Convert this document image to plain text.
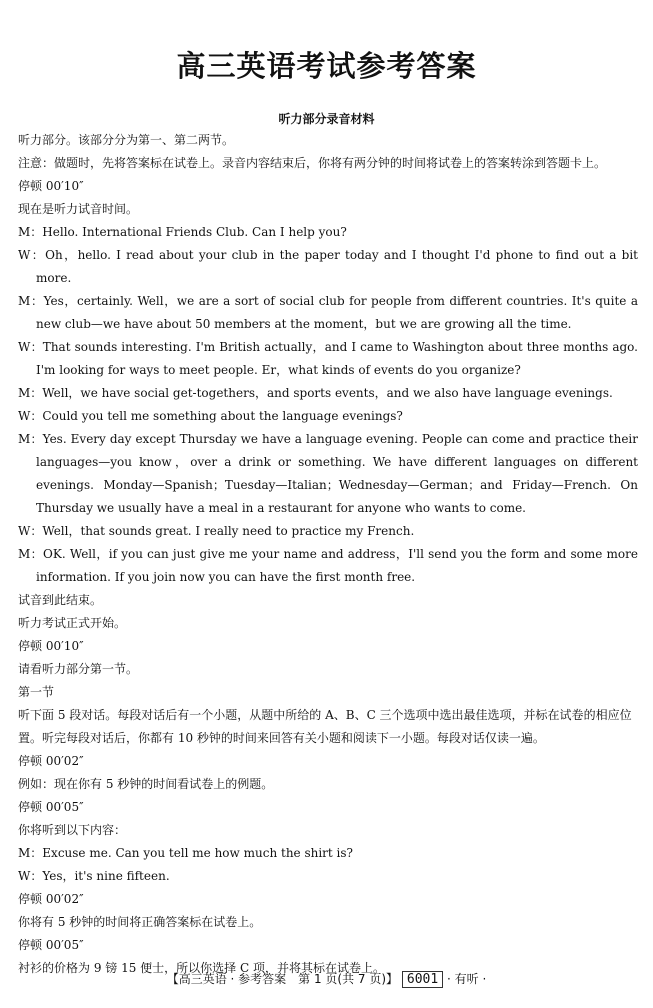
高三英语考试参考答案
听力部分录音材料

听力部分。该部分分为第一、第二两节。

注意：做题时，先将答案标在试卷上。录音内容结束后，你将有两分钟的时间将试卷上的答案转涂到答题卡上。

停顿 00′10″

现在是听力试音时间。

M：Hello. International Friends Club. Can I help you?

W：Oh，hello. I read about your club in the paper today and I thought I'd phone to find out a bit more.

M：Yes，certainly. Well，we are a sort of social club for people from different countries. It's quite a new club—we have about 50 members at the moment，but we are growing all the time.

W：That sounds interesting. I'm British actually，and I came to Washington about three months ago. I'm looking for ways to meet people. Er，what kinds of events do you organize?

M：Well，we have social get-togethers，and sports events，and we also have language evenings.

W：Could you tell me something about the language evenings?

M：Yes. Every day except Thursday we have a language evening. People can come and practice their languages—you know，over a drink or something. We have different languages on different evenings. Monday—Spanish；Tuesday—Italian；Wednesday—German；and Friday—French. On Thursday we usually have a meal in a restaurant for anyone who wants to come.

W：Well，that sounds great. I really need to practice my French.

M：OK. Well，if you can just give me your name and address，I'll send you the form and some more information. If you join now you can have the first month free.

试音到此结束。

听力考试正式开始。

停顿 00′10″

请看听力部分第一节。

第一节

听下面 5 段对话。每段对话后有一个小题，从题中所给的 A、B、C 三个选项中选出最佳选项，并标在试卷的相应位置。听完每段对话后，你都有 10 秒钟的时间来回答有关小题和阅读下一小题。每段对话仅读一遍。

停顿 00′02″

例如：现在你有 5 秒钟的时间看试卷上的例题。

停顿 00′05″

你将听到以下内容：

M：Excuse me. Can you tell me how much the shirt is?

W：Yes，it's nine fifteen.

停顿 00′02″

你将有 5 秒钟的时间将正确答案标在试卷上。

停顿 00′05″

衬衫的价格为 9 镑 15 便士，所以你选择 C 项，并将其标在试卷上。

【高三英语 · 参考答案　第 1 页(共 7 页)】 6001 · 有听 ·
